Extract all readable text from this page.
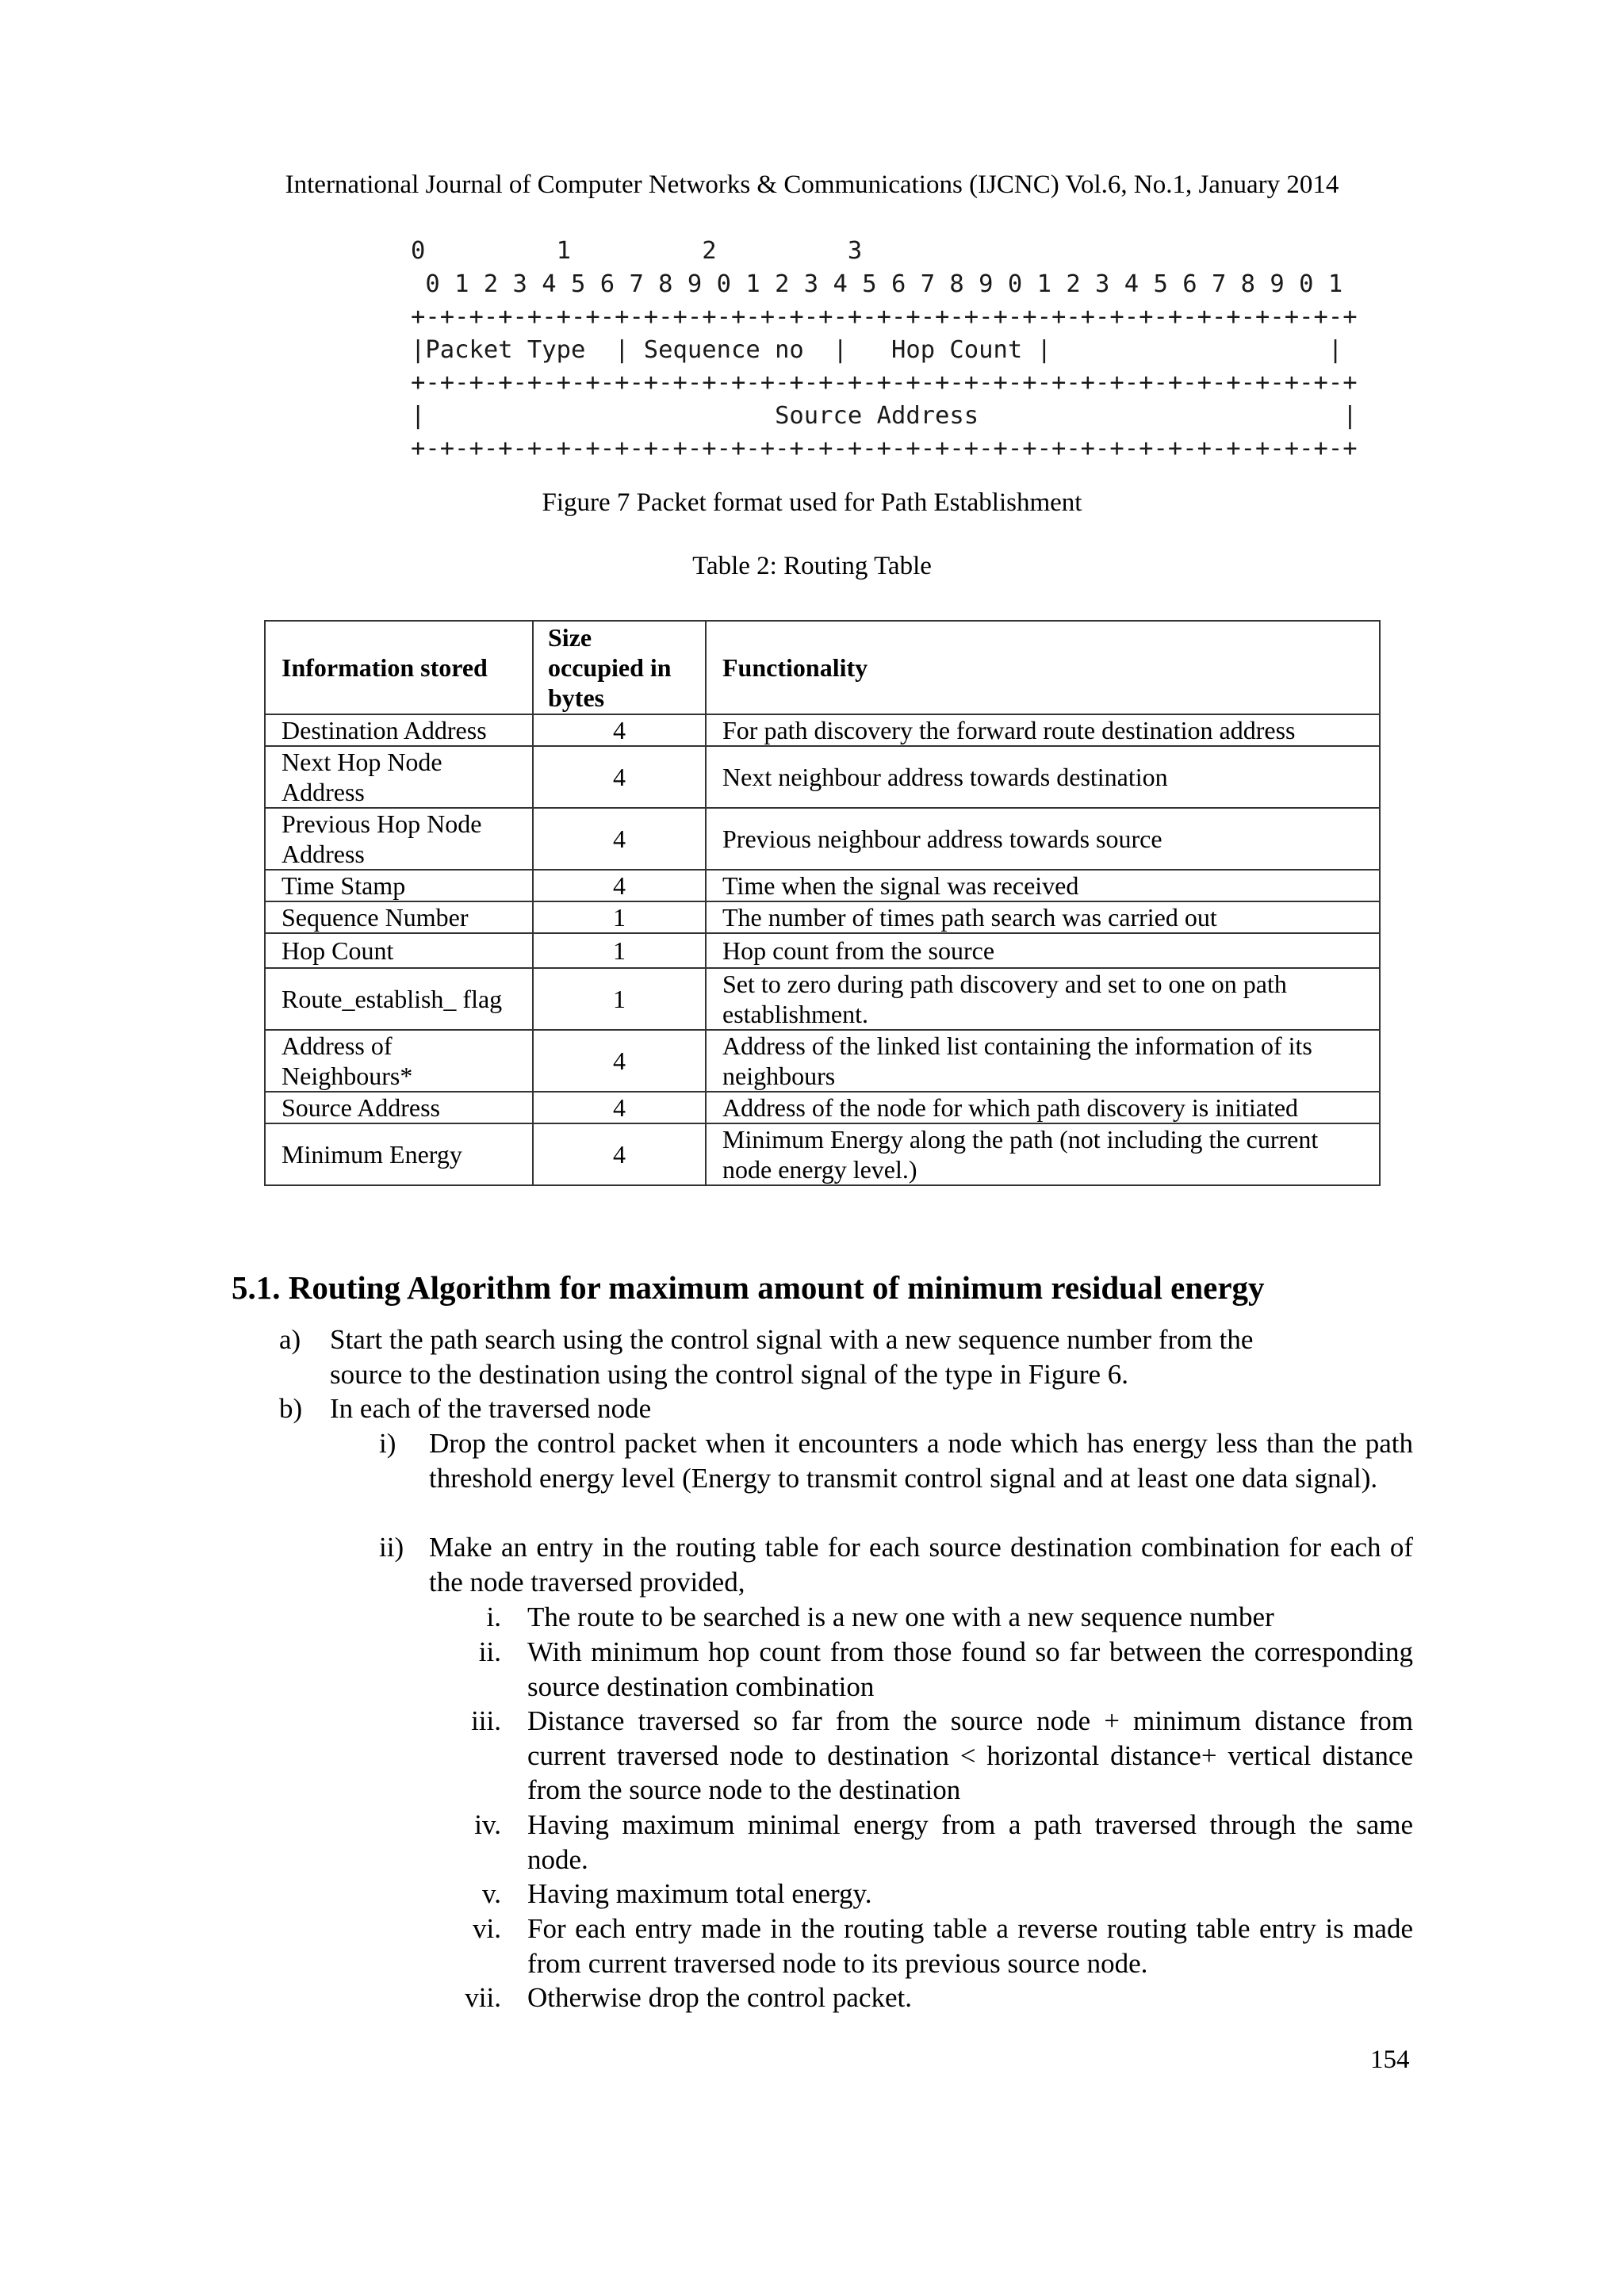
International Journal of Computer Networks & Communications (IJCNC) Vol.6, No.1, January 2014
0         1         2         3
0 1 2 3 4 5 6 7 8 9 0 1 2 3 4 5 6 7 8 9 0 1 2 3 4 5 6 7 8 9 0 1
+-+-+-+-+-+-+-+-+-+-+-+-+-+-+-+-+-+-+-+-+-+-+-+-+-+-+-+-+-+-+-+-+
|Packet Type  | Sequence no  |   Hop Count |                   |
+-+-+-+-+-+-+-+-+-+-+-+-+-+-+-+-+-+-+-+-+-+-+-+-+-+-+-+-+-+-+-+-+
|                        Source Address                         |
+-+-+-+-+-+-+-+-+-+-+-+-+-+-+-+-+-+-+-+-+-+-+-+-+-+-+-+-+-+-+-+-+
Figure 7 Packet format used for Path Establishment
Table 2: Routing Table
Information stored	Size occupied in bytes	Functionality
Destination Address	4	For path discovery the forward route destination address
Next Hop Node Address	4	Next neighbour address towards destination
Previous Hop Node Address	4	Previous neighbour address towards source
Time Stamp	4	Time when the signal was received
Sequence Number	1	The number of times path search was carried out
Hop Count	1	Hop count from the source
Route_establish_ flag	1	Set to zero during path discovery and set to one on path establishment.
Address of Neighbours*	4	Address of the linked list containing the information of its neighbours
Source Address	4	Address of the node for which path discovery is initiated
Minimum Energy	4	Minimum Energy along the path (not including the current node energy level.)
5.1. Routing Algorithm for maximum amount of minimum residual energy
a) Start the path search using the control signal with a new sequence number from the source to the destination using the control signal of the type in Figure 6.
b) In each of the traversed node
i) Drop the control packet when it encounters a node which has energy less than the path threshold energy level (Energy to transmit control signal and at least one data signal).
ii) Make an entry in the routing table for each source destination combination for each of the node traversed provided,
i. The route to be searched is a new one with a new sequence number
ii. With minimum hop count from those found so far between the corresponding source destination combination
iii. Distance traversed so far from the source node + minimum distance from current traversed node to destination < horizontal distance+ vertical distance from the source node to the destination
iv. Having maximum minimal energy from a path traversed through the same node.
v. Having maximum total energy.
vi. For each entry made in the routing table a reverse routing table entry is made from current traversed node to its previous source node.
vii. Otherwise drop the control packet.
154
